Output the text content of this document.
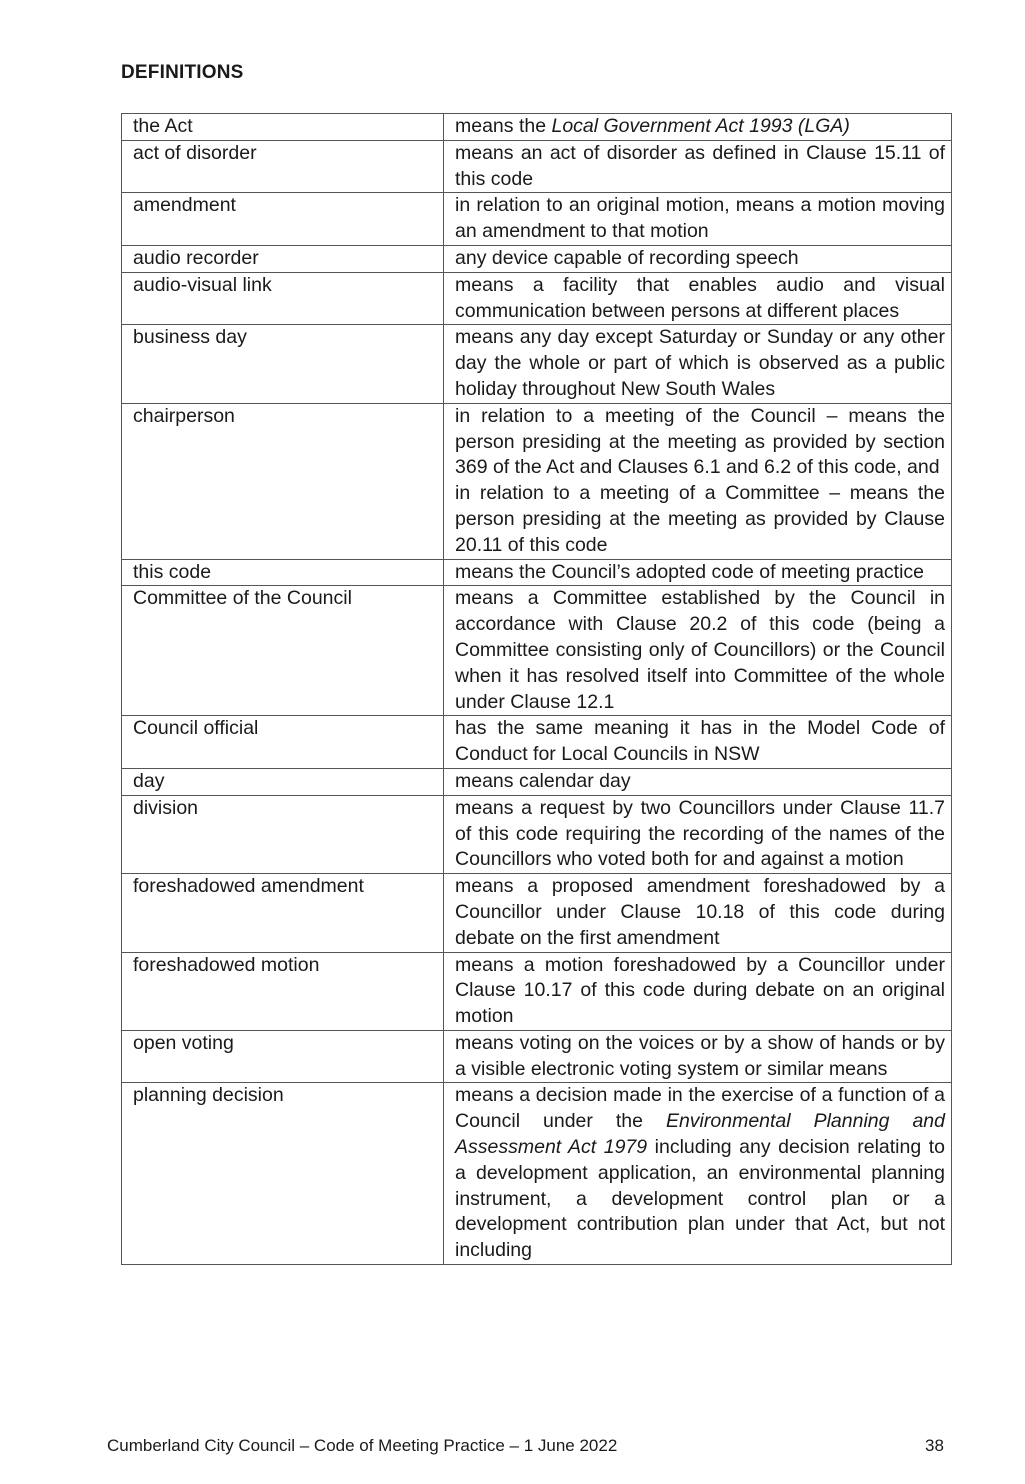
DEFINITIONS
the Act	means the Local Government Act 1993 (LGA)
act of disorder	means an act of disorder as defined in Clause 15.11 of this code
amendment	in relation to an original motion, means a motion moving an amendment to that motion
audio recorder	any device capable of recording speech
audio-visual link	means a facility that enables audio and visual communication between persons at different places
business day	means any day except Saturday or Sunday or any other day the whole or part of which is observed as a public holiday throughout New South Wales
chairperson	in relation to a meeting of the Council – means the person presiding at the meeting as provided by section 369 of the Act and Clauses 6.1 and 6.2 of this code, and
in relation to a meeting of a Committee – means the person presiding at the meeting as provided by Clause 20.11 of this code
this code	means the Council’s adopted code of meeting practice
Committee of the Council	means a Committee established by the Council in accordance with Clause 20.2 of this code (being a Committee consisting only of Councillors) or the Council when it has resolved itself into Committee of the whole under Clause 12.1
Council official	has the same meaning it has in the Model Code of Conduct for Local Councils in NSW
day	means calendar day
division	means a request by two Councillors under Clause 11.7 of this code requiring the recording of the names of the Councillors who voted both for and against a motion
foreshadowed amendment	means a proposed amendment foreshadowed by a Councillor under Clause 10.18 of this code during debate on the first amendment
foreshadowed motion	means a motion foreshadowed by a Councillor under Clause 10.17 of this code during debate on an original motion
open voting	means voting on the voices or by a show of hands or by a visible electronic voting system or similar means
planning decision	means a decision made in the exercise of a function of a Council under the Environmental Planning and Assessment Act 1979 including any decision relating to a development application, an environmental planning instrument, a development control plan or a development contribution plan under that Act, but not including
Cumberland City Council – Code of Meeting Practice – 1 June 2022	38
